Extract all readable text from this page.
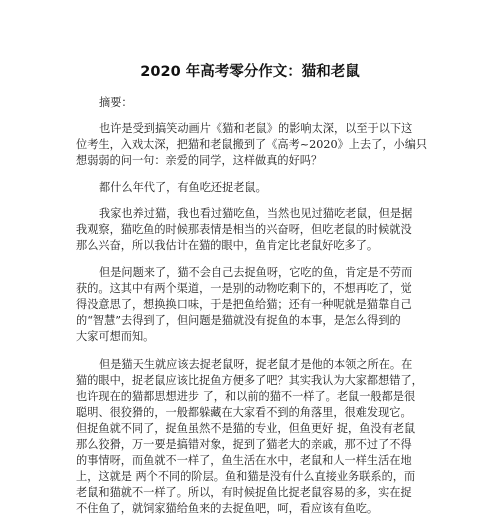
2020 年高考零分作文：猫和老鼠
摘要：
也许是受到搞笑动画片《猫和老鼠》的影响太深，以至于以下这
位考生，入戏太深，把猫和老鼠搬到了《高考~2020》上去了，小编只
想弱弱的问一句：亲爱的同学，这样做真的好吗？
都什么年代了，有鱼吃还捉老鼠。
我家也养过猫，我也看过猫吃鱼，当然也见过猫吃老鼠，但是据
我观察，猫吃鱼的时候那表情是相当的兴奋呀，但吃老鼠的时候就没
那么兴奋，所以我估计在猫的眼中，鱼肯定比老鼠好吃多了。
但是问题来了，猫不会自己去捉鱼呀，它吃的鱼，肯定是不劳而
获的。这其中有两个渠道，一是别的动物吃剩下的，不想再吃了，觉
得没意思了，想换换口味，于是把鱼给猫；还有一种呢就是猫靠自己
的“智慧”去得到了，但问题是猫就没有捉鱼的本事，是怎么得到的
大家可想而知。
但是猫天生就应该去捉老鼠呀，捉老鼠才是他的本领之所在。在
猫的眼中，捉老鼠应该比捉鱼方便多了吧？其实我认为大家都想错了，
也许现在的猫都思想进步 了，和以前的猫不一样了。老鼠一般都是很
聪明、很狡猾的，一般都躲藏在大家看不到的角落里，很难发现它。
但捉鱼就不同了，捉鱼虽然不是猫的专业，但鱼更好 捉，鱼没有老鼠
那么狡猾，万一要是搞错对象，捉到了猫老大的亲戚，那不过了不得
的事情呀，而鱼就不一样了，鱼生活在水中，老鼠和人一样生活在地
上，这就是 两个不同的阶层。鱼和猫是没有什么直接业务联系的，而
老鼠和猫就不一样了。所以，有时候捉鱼比捉老鼠容易的多，实在捉
不住鱼了，就饲家猫给鱼来的去捉鱼吧，呵，看应该有鱼吃。
